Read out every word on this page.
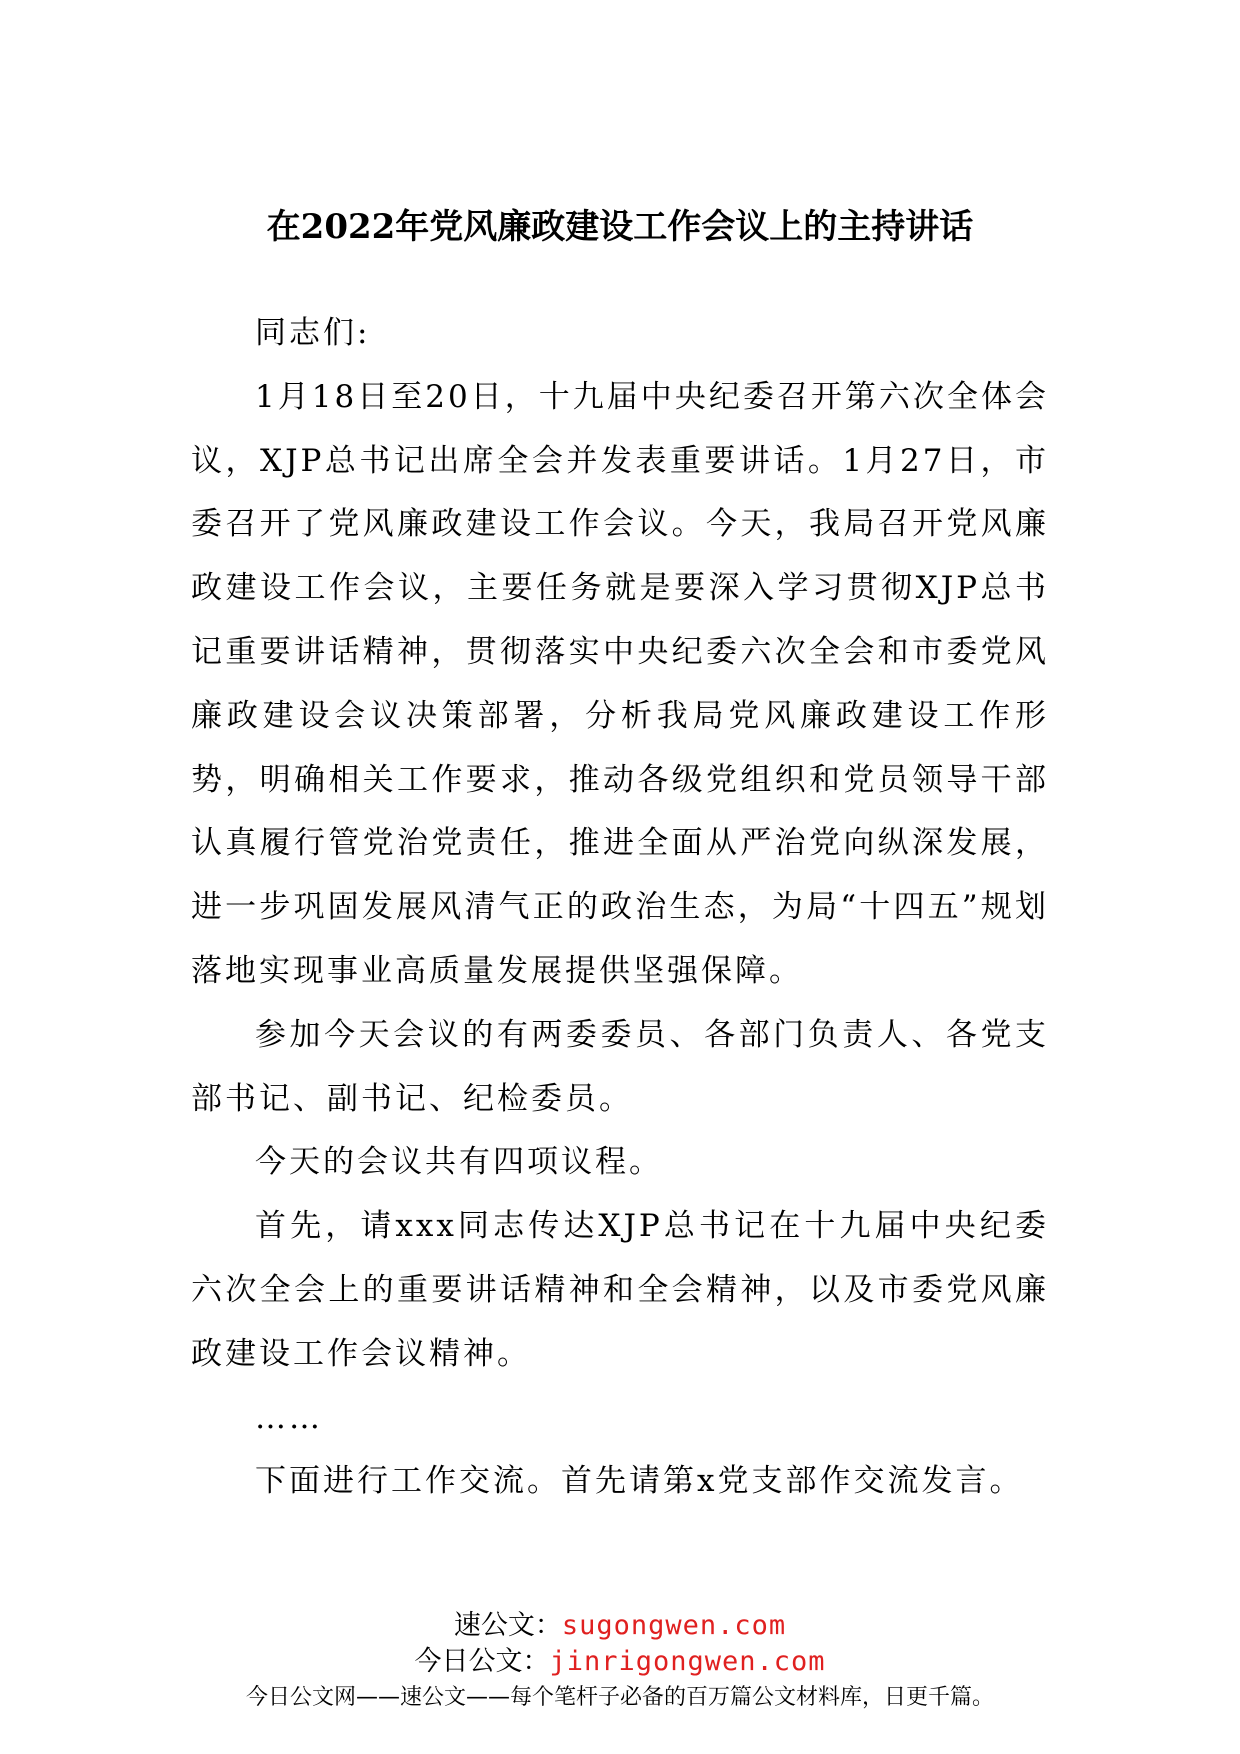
在2022年党风廉政建设工作会议上的主持讲话

同志们:

1月18日至20日，十九届中央纪委召开第六次全体会议，XJP总书记出席全会并发表重要讲话。1月27日，市委召开了党风廉政建设工作会议。今天，我局召开党风廉政建设工作会议，主要任务就是要深入学习贯彻XJP总书记重要讲话精神，贯彻落实中央纪委六次全会和市委党风廉政建设会议决策部署，分析我局党风廉政建设工作形势，明确相关工作要求，推动各级党组织和党员领导干部认真履行管党治党责任，推进全面从严治党向纵深发展，进一步巩固发展风清气正的政治生态，为局“十四五”规划落地实现事业高质量发展提供坚强保障。

参加今天会议的有两委委员、各部门负责人、各党支部书记、副书记、纪检委员。

今天的会议共有四项议程。

首先，请xxx同志传达XJP总书记在十九届中央纪委六次全会上的重要讲话精神和全会精神，以及市委党风廉政建设工作会议精神。

……

下面进行工作交流。首先请第x党支部作交流发言。

速公文：sugongwen.com
今日公文：jinrigongwen.com
今日公文网——速公文——每个笔杆子必备的百万篇公文材料库，日更千篇。
